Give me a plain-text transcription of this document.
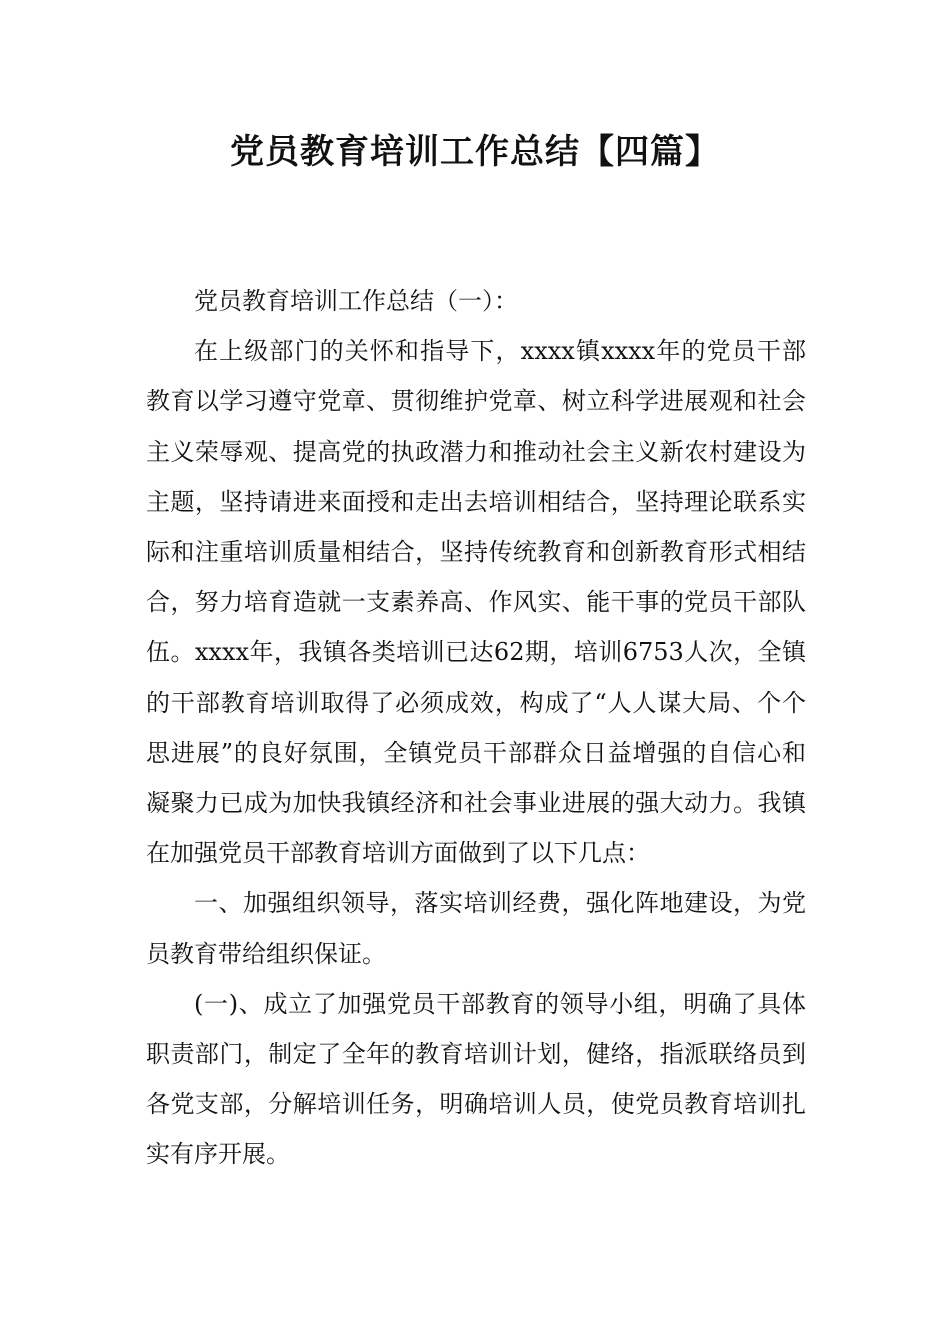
党员教育培训工作总结【四篇】

党员教育培训工作总结（一）：

在上级部门的关怀和指导下，xxxx镇xxxx年的党员干部教育以学习遵守党章、贯彻维护党章、树立科学进展观和社会主义荣辱观、提高党的执政潜力和推动社会主义新农村建设为主题，坚持请进来面授和走出去培训相结合，坚持理论联系实际和注重培训质量相结合，坚持传统教育和创新教育形式相结合，努力培育造就一支素养高、作风实、能干事的党员干部队伍。xxxx年，我镇各类培训已达62期，培训6753人次，全镇的干部教育培训取得了必须成效，构成了“人人谋大局、个个思进展”的良好氛围，全镇党员干部群众日益增强的自信心和凝聚力已成为加快我镇经济和社会事业进展的强大动力。我镇在加强党员干部教育培训方面做到了以下几点：

一、加强组织领导，落实培训经费，强化阵地建设，为党员教育带给组织保证。

(一)、成立了加强党员干部教育的领导小组，明确了具体职责部门，制定了全年的教育培训计划，健络，指派联络员到各党支部，分解培训任务，明确培训人员，使党员教育培训扎实有序开展。
